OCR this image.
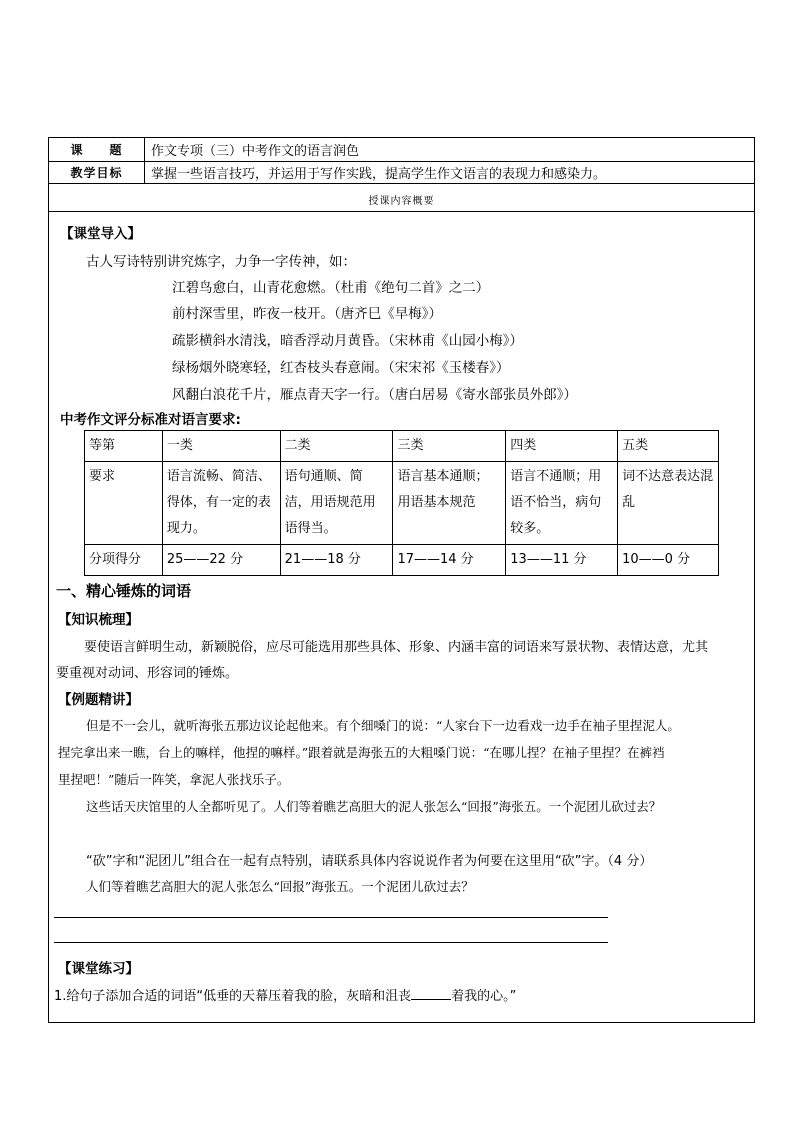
课　　题	作文专项（三）中考作文的语言润色
教学目标	掌握一些语言技巧，并运用于写作实践，提高学生作文语言的表现力和感染力。
授课内容概要
【课堂导入】
古人写诗特别讲究炼字，力争一字传神，如：
江碧鸟愈白，山青花愈燃。（杜甫《绝句二首》之二）
前村深雪里，昨夜一枝开。（唐齐巳《早梅》）
疏影横斜水清浅，暗香浮动月黄昏。（宋林甫《山园小梅》）
绿杨烟外晓寒轻，红杏枝头春意闹。（宋宋祁《玉楼春》）
风翻白浪花千片，雁点青天字一行。（唐白居易《寄水部张员外郎》）
中考作文评分标准对语言要求:
等第	一类	二类	三类	四类	五类
要求	语言流畅、简洁、得体，有一定的表现力。	语句通顺、简洁，用语规范用语得当。	语言基本通顺；用语基本规范	语言不通顺；用语不恰当，病句较多。	词不达意表达混乱
分项得分	25——22 分	21——18 分	17——14 分	13——11 分	10——0 分
一、精心锤炼的词语
【知识梳理】
要使语言鲜明生动，新颖脱俗，应尽可能选用那些具体、形象、内涵丰富的词语来写景状物、表情达意，尤其
要重视对动词、形容词的锤炼。
【例题精讲】
但是不一会儿，就听海张五那边议论起他来。有个细嗓门的说：“人家台下一边看戏一边手在袖子里捏泥人。
捏完拿出来一瞧，台上的嘛样，他捏的嘛样。”跟着就是海张五的大粗嗓门说：“在哪儿捏？在袖子里捏？在裤裆
里捏吧！”随后一阵笑，拿泥人张找乐子。
这些话天庆馆里的人全都听见了。人们等着瞧艺高胆大的泥人张怎么“回报”海张五。一个泥团儿砍过去？
“砍”字和“泥团儿”组合在一起有点特别，请联系具体内容说说作者为何要在这里用“砍”字。（4 分）
人们等着瞧艺高胆大的泥人张怎么“回报”海张五。一个泥团儿砍过去？
【课堂练习】
1.给句子添加合适的词语“低垂的天幕压着我的脸，灰暗和沮丧	着我的心。”
